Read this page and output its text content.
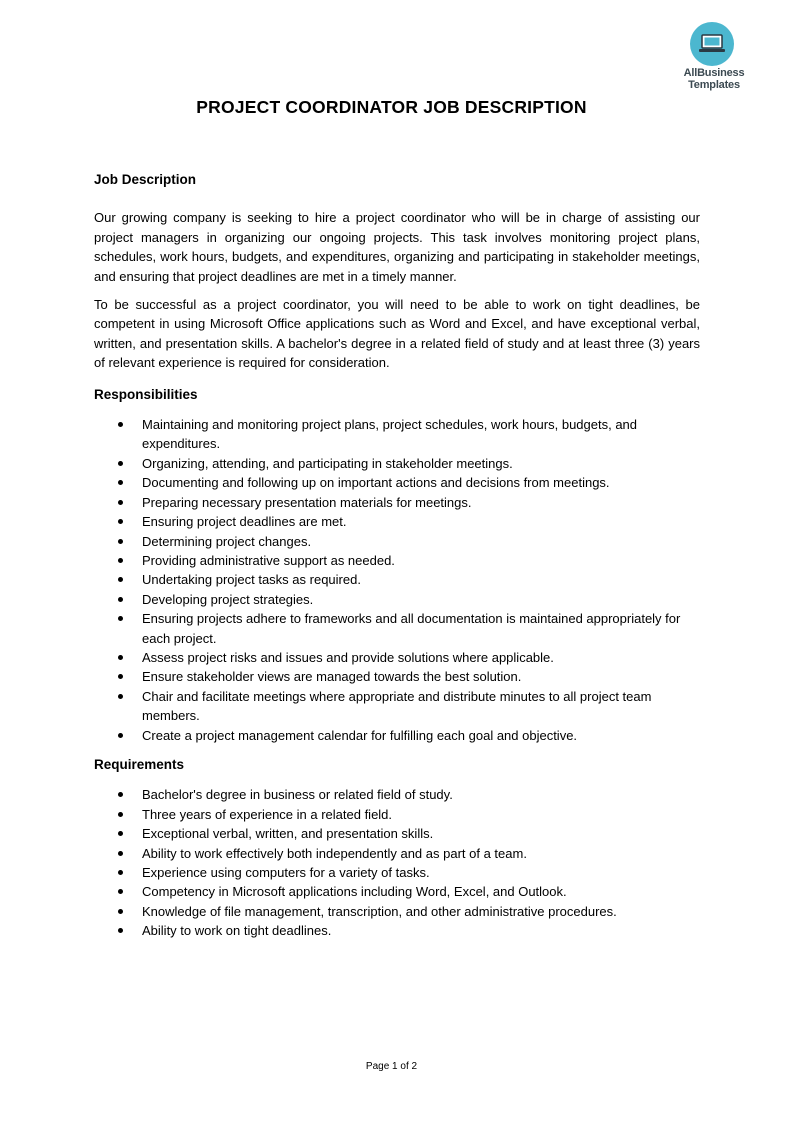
AllBusiness
Templates
PROJECT COORDINATOR JOB DESCRIPTION
Job Description

Our growing company is seeking to hire a project coordinator who will be in charge of assisting our project managers in organizing our ongoing projects. This task involves monitoring project plans, schedules, work hours, budgets, and expenditures, organizing and participating in stakeholder meetings, and ensuring that project deadlines are met in a timely manner.

To be successful as a project coordinator, you will need to be able to work on tight deadlines, be competent in using Microsoft Office applications such as Word and Excel, and have exceptional verbal, written, and presentation skills. A bachelor's degree in a related field of study and at least three (3) years of relevant experience is required for consideration.

Responsibilities
Maintaining and monitoring project plans, project schedules, work hours, budgets, and expenditures.
Organizing, attending, and participating in stakeholder meetings.
Documenting and following up on important actions and decisions from meetings.
Preparing necessary presentation materials for meetings.
Ensuring project deadlines are met.
Determining project changes.
Providing administrative support as needed.
Undertaking project tasks as required.
Developing project strategies.
Ensuring projects adhere to frameworks and all documentation is maintained appropriately for each project.
Assess project risks and issues and provide solutions where applicable.
Ensure stakeholder views are managed towards the best solution.
Chair and facilitate meetings where appropriate and distribute minutes to all project team members.
Create a project management calendar for fulfilling each goal and objective.
Requirements
Bachelor's degree in business or related field of study.
Three years of experience in a related field.
Exceptional verbal, written, and presentation skills.
Ability to work effectively both independently and as part of a team.
Experience using computers for a variety of tasks.
Competency in Microsoft applications including Word, Excel, and Outlook.
Knowledge of file management, transcription, and other administrative procedures.
Ability to work on tight deadlines.
Page 1 of 2
